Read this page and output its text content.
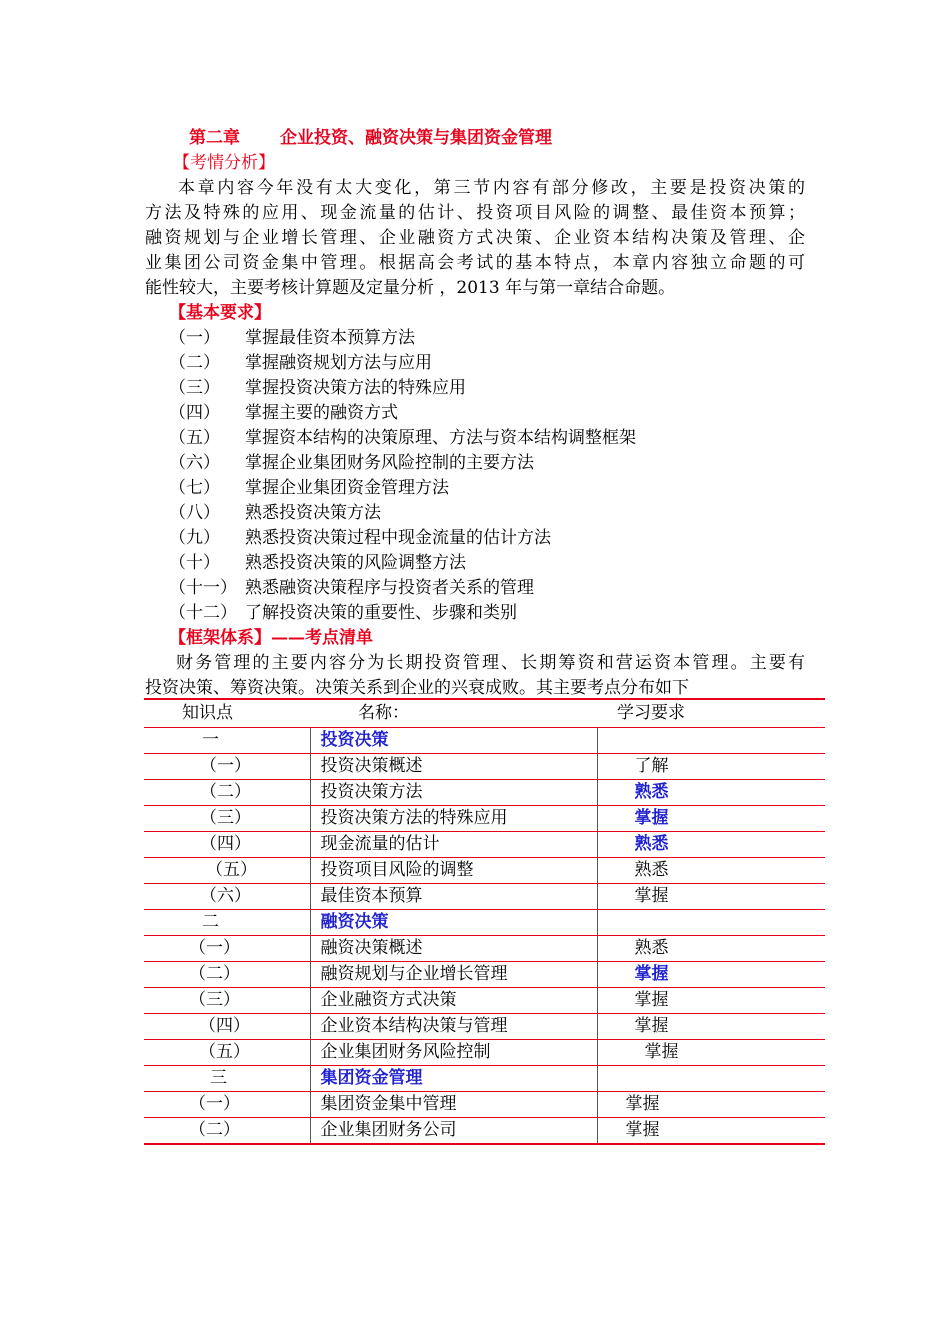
第二章 企业投资、融资决策与集团资金管理
【考情分析】
本章内容今年没有太大变化，第三节内容有部分修改，主要是投资决策的
方法及特殊的应用、现金流量的估计、投资项目风险的调整、最佳资本预算；
融资规划与企业增长管理、企业融资方式决策、企业资本结构决策及管理、企
业集团公司资金集中管理。根据高会考试的基本特点，本章内容独立命题的可
能性较大，主要考核计算题及定量分析 ，2013 年与第一章结合命题。
【基本要求】
（一） 掌握最佳资本预算方法
（二） 掌握融资规划方法与应用
（三） 掌握投资决策方法的特殊应用
（四） 掌握主要的融资方式
（五） 掌握资本结构的决策原理、方法与资本结构调整框架
（六） 掌握企业集团财务风险控制的主要方法
（七） 掌握企业集团资金管理方法
（八） 熟悉投资决策方法
（九） 熟悉投资决策过程中现金流量的估计方法
（十） 熟悉投资决策的风险调整方法
（十一） 熟悉融资决策程序与投资者关系的管理
（十二） 了解投资决策的重要性、步骤和类别
【框架体系】——考点清单
财务管理的主要内容分为长期投资管理、长期筹资和营运资本管理。主要有
投资决策、筹资决策。决策关系到企业的兴衰成败。其主要考点分布如下
知识点	名称：	学习要求
一	投资决策	
（一）	投资决策概述	了解
（二）	投资决策方法	熟悉
（三）	投资决策方法的特殊应用	掌握
（四）	现金流量的估计	熟悉
（五）	投资项目风险的调整	熟悉
（六）	最佳资本预算	掌握
二	融资决策	
（一）	融资决策概述	熟悉
（二）	融资规划与企业增长管理	掌握
（三）	企业融资方式决策	掌握
（四）	企业资本结构决策与管理	掌握
（五）	企业集团财务风险控制	掌握
三	集团资金管理	
（一）	集团资金集中管理	掌握
（二）	企业集团财务公司	掌握
